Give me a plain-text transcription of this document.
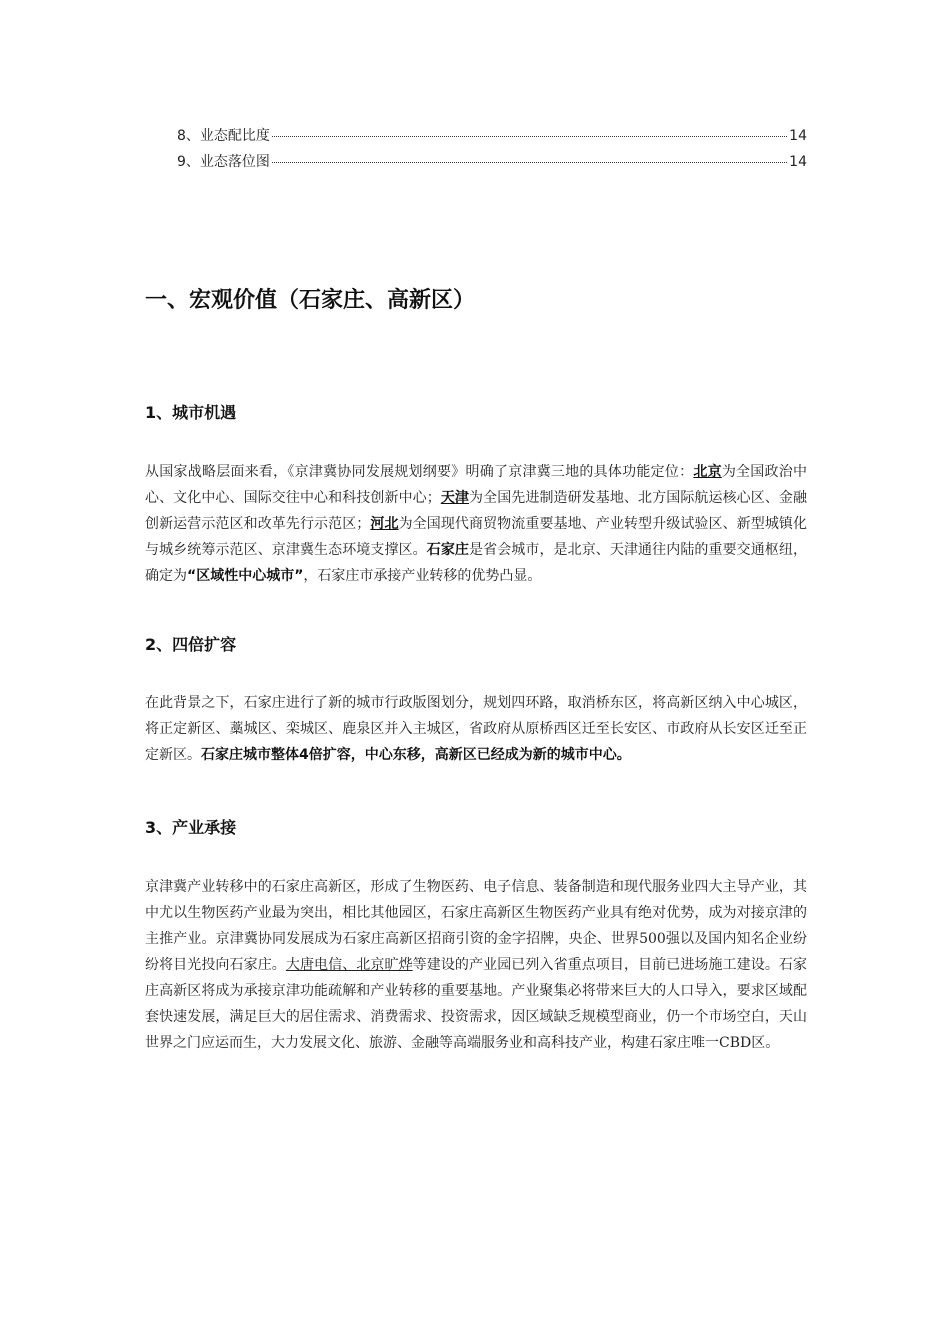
8、业态配比度	14
9、业态落位图	14
一、宏观价值（石家庄、高新区）
1、城市机遇

从国家战略层面来看，《京津冀协同发展规划纲要》明确了京津冀三地的具体功能定位：北京为全国政治中心、文化中心、国际交往中心和科技创新中心；天津为全国先进制造研发基地、北方国际航运核心区、金融创新运营示范区和改革先行示范区；河北为全国现代商贸物流重要基地、产业转型升级试验区、新型城镇化与城乡统筹示范区、京津冀生态环境支撑区。石家庄是省会城市，是北京、天津通往内陆的重要交通枢纽，确定为“区域性中心城市”，石家庄市承接产业转移的优势凸显。

2、四倍扩容

在此背景之下，石家庄进行了新的城市行政版图划分，规划四环路，取消桥东区，将高新区纳入中心城区，将正定新区、藁城区、栾城区、鹿泉区并入主城区，省政府从原桥西区迁至长安区、市政府从长安区迁至正定新区。石家庄城市整体4倍扩容，中心东移，高新区已经成为新的城市中心。

3、产业承接

京津冀产业转移中的石家庄高新区，形成了生物医药、电子信息、装备制造和现代服务业四大主导产业，其中尤以生物医药产业最为突出，相比其他园区，石家庄高新区生物医药产业具有绝对优势，成为对接京津的主推产业。京津冀协同发展成为石家庄高新区招商引资的金字招牌，央企、世界500强以及国内知名企业纷纷将目光投向石家庄。大唐电信、北京旷烨等建设的产业园已列入省重点项目，目前已进场施工建设。石家庄高新区将成为承接京津功能疏解和产业转移的重要基地。产业聚集必将带来巨大的人口导入，要求区域配套快速发展，满足巨大的居住需求、消费需求、投资需求，因区域缺乏规模型商业，仍一个市场空白，天山世界之门应运而生，大力发展文化、旅游、金融等高端服务业和高科技产业，构建石家庄唯一CBD区。
